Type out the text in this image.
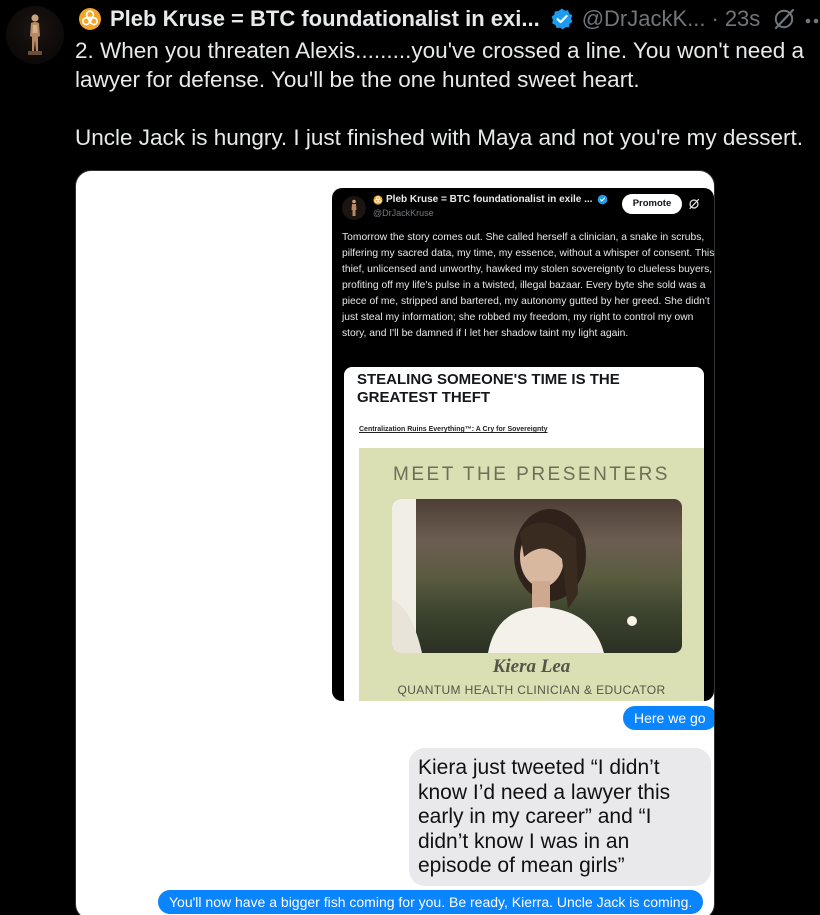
Pleb Kruse = BTC foundationalist in exi... @DrJackK... · 23s

2. When you threaten Alexis.........you've crossed a line. You won't need a lawyer for defense. You'll be the one hunted sweet heart.

Uncle Jack is hungry. I just finished with Maya and not you're my dessert.

Pleb Kruse = BTC foundationalist in exile ...
@DrJackKruse
Promote
Tomorrow the story comes out. She called herself a clinician, a snake in scrubs, pilfering my sacred data, my time, my essence, without a whisper of consent. This thief, unlicensed and unworthy, hawked my stolen sovereignty to clueless buyers, profiting off my life's pulse in a twisted, illegal bazaar. Every byte she sold was a piece of me, stripped and bartered, my autonomy gutted by her greed. She didn't just steal my information; she robbed my freedom, my right to control my own story, and I'll be damned if I let her shadow taint my light again.
STEALING SOMEONE'S TIME IS THE GREATEST THEFT
Centralization Ruins Everything™: A Cry for Sovereignty
MEET THE PRESENTERS
Kiera Lea
QUANTUM HEALTH CLINICIAN & EDUCATOR
Here we go
Kiera just tweeted “I didn’t know I’d need a lawyer this early in my career” and “I didn’t know I was in an episode of mean girls”
You'll now have a bigger fish coming for you. Be ready, Kierra. Uncle Jack is coming.
